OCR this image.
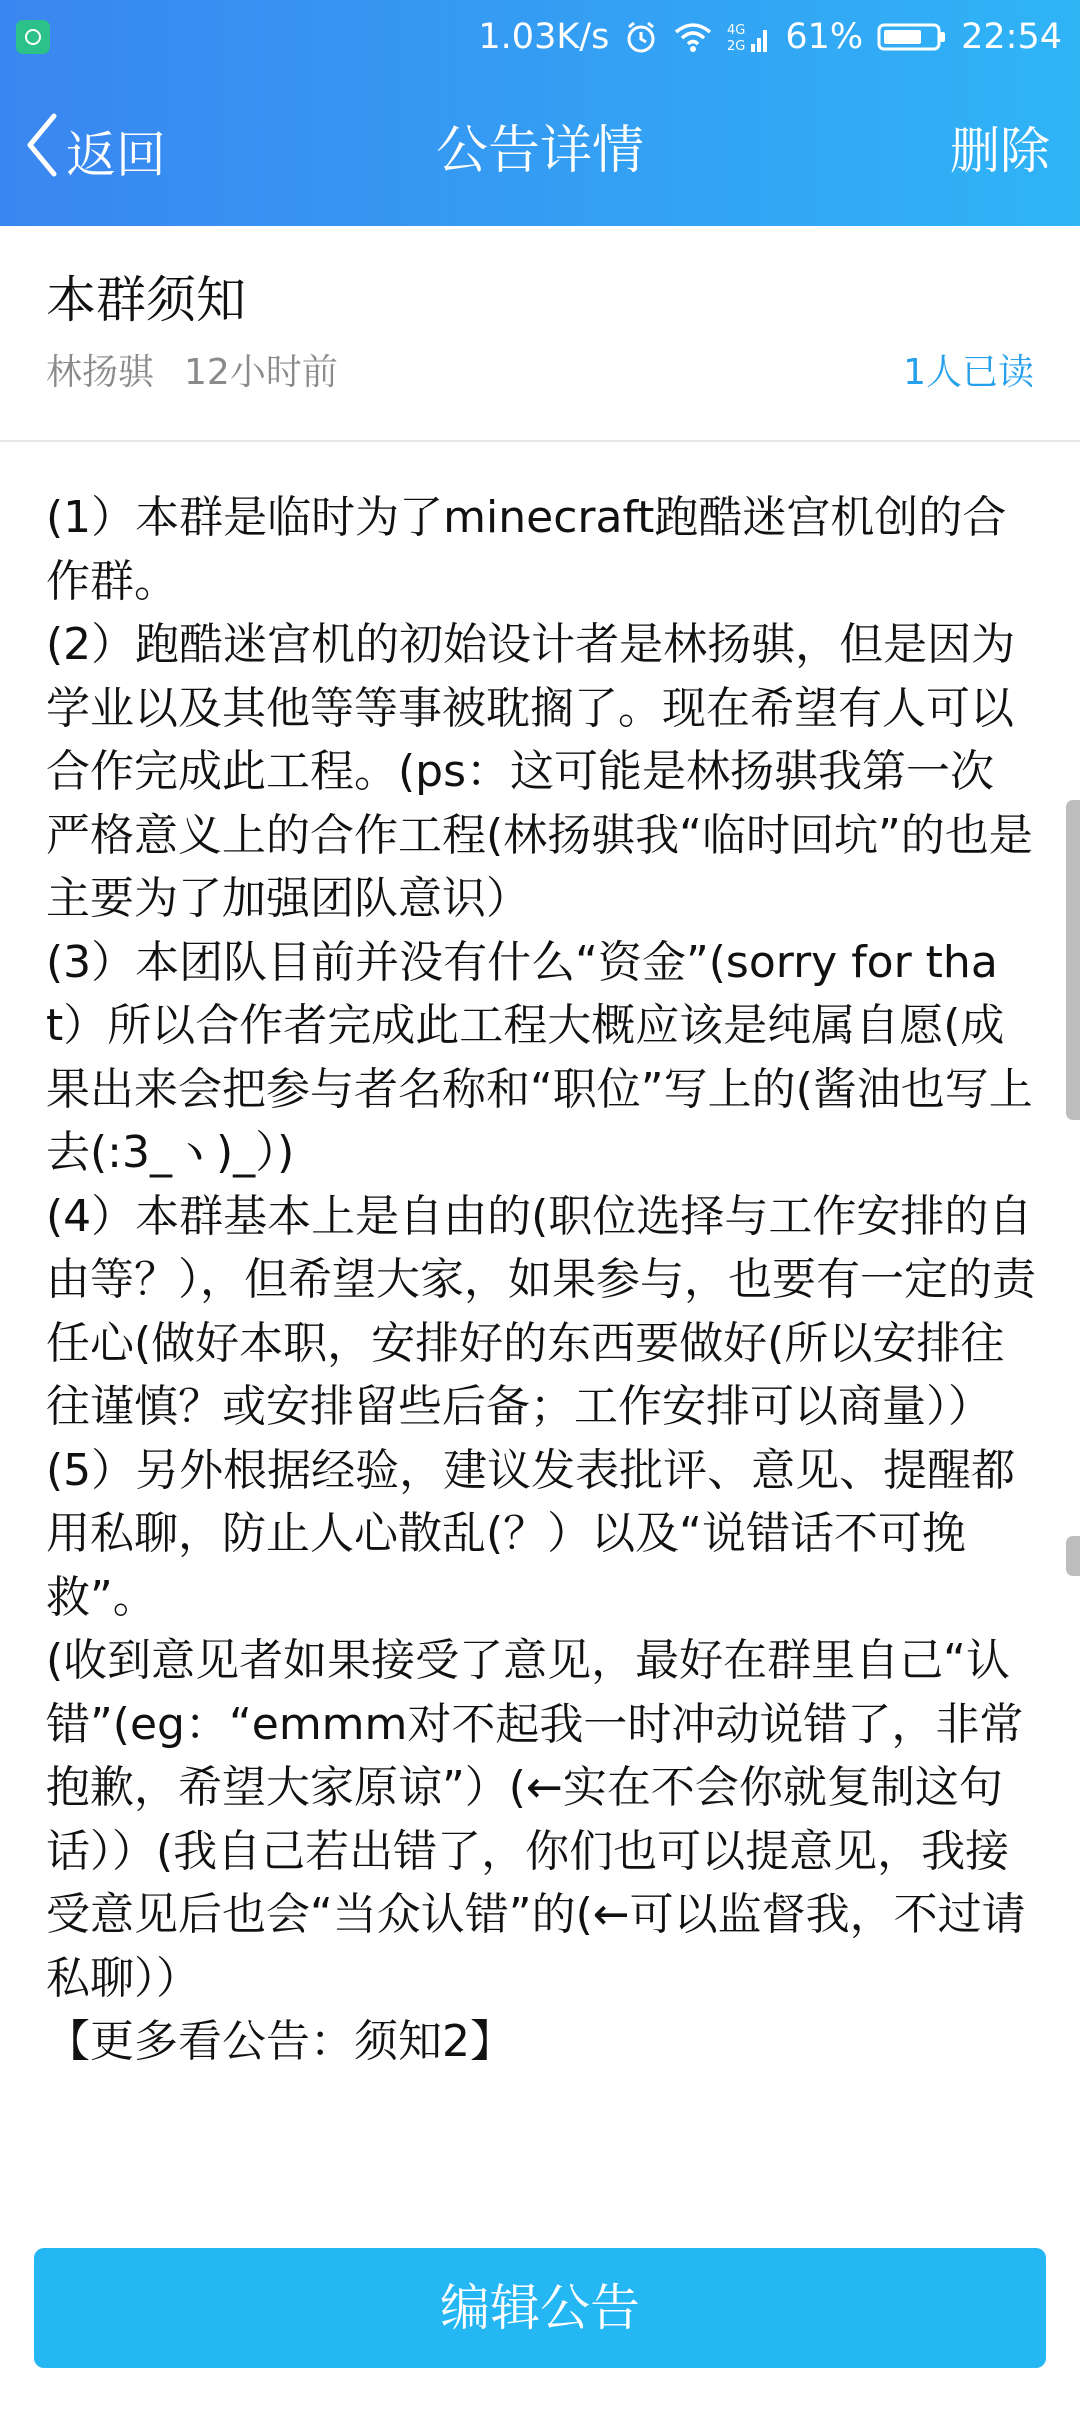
1.03K/s	4G
2G 61%	22:54
返回	公告详情	删除
本群须知
林扬骐 12小时前	1人已读

(1）本群是临时为了minecraft跑酷迷宫机创的合作群。

(2）跑酷迷宫机的初始设计者是林扬骐，但是因为学业以及其他等等事被耽搁了。现在希望有人可以合作完成此工程。(ps：这可能是林扬骐我第一次严格意义上的合作工程(林扬骐我“临时回坑”的也是主要为了加强团队意识）

(3）本团队目前并没有什么“资金”(sorry for that）所以合作者完成此工程大概应该是纯属自愿(成果出来会把参与者名称和“职位”写上的(酱油也写上去(:3_ヽ)_）)

(4）本群基本上是自由的(职位选择与工作安排的自由等？），但希望大家，如果参与，也要有一定的责任心(做好本职，安排好的东西要做好(所以安排往往谨慎？或安排留些后备；工作安排可以商量））

(5）另外根据经验，建议发表批评、意见、提醒都用私聊，防止人心散乱(？）以及“说错话不可挽救”。

(收到意见者如果接受了意见，最好在群里自己“认错”(eg：“emmm对不起我一时冲动说错了，非常抱歉，希望大家原谅”）(←实在不会你就复制这句话））(我自己若出错了，你们也可以提意见，我接受意见后也会“当众认错”的(←可以监督我，不过请私聊））

【更多看公告：须知2】

编辑公告
